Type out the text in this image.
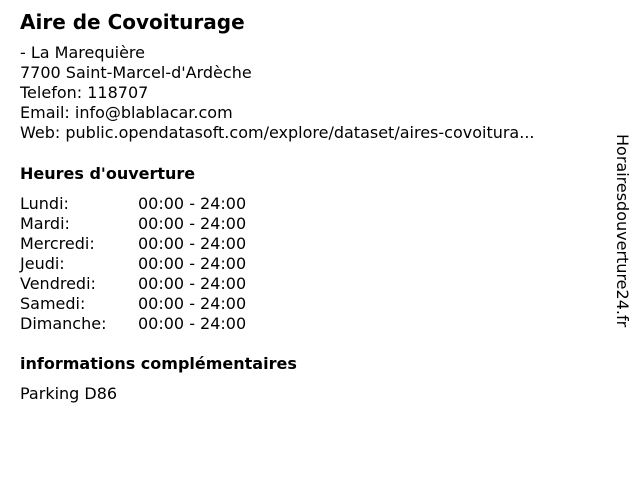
Aire de Covoiturage
- La Marequière
7700 Saint-Marcel-d'Ardèche
Telefon: 118707
Email: info@blablacar.com
Web: public.opendatasoft.com/explore/dataset/aires-covoitura...
Heures d'ouverture
Lundi:	00:00 - 24:00
Mardi:	00:00 - 24:00
Mercredi:	00:00 - 24:00
Jeudi:	00:00 - 24:00
Vendredi:	00:00 - 24:00
Samedi:	00:00 - 24:00
Dimanche: 00:00 - 24:00
informations complémentaires
Parking D86
Horairesdouverture24.fr
